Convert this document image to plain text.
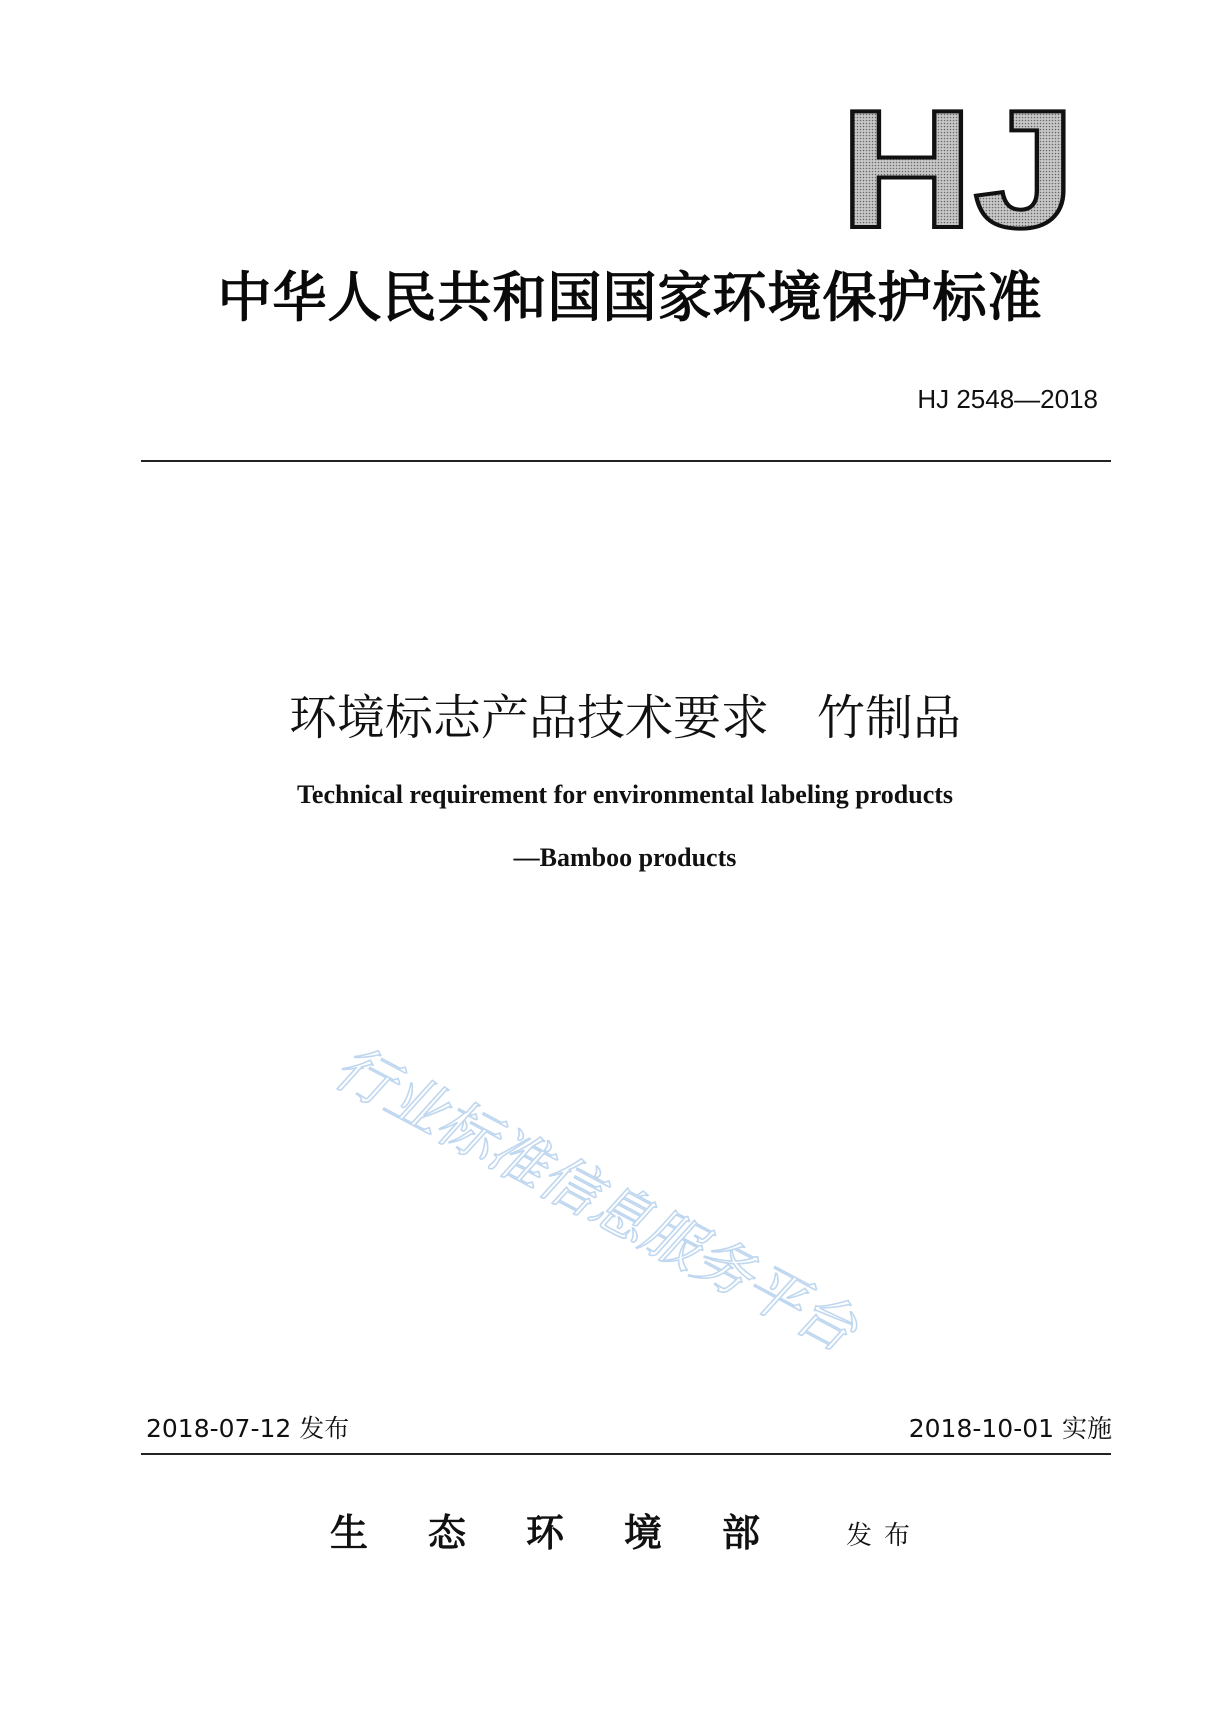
HJ
中华人民共和国国家环境保护标准
HJ 2548—2018
环境标志产品技术要求　竹制品
Technical requirement for environmental labeling products
—Bamboo products
行业标准信息服务平台
2018-07-12 发布	2018-10-01 实施
生态环境部 发布
